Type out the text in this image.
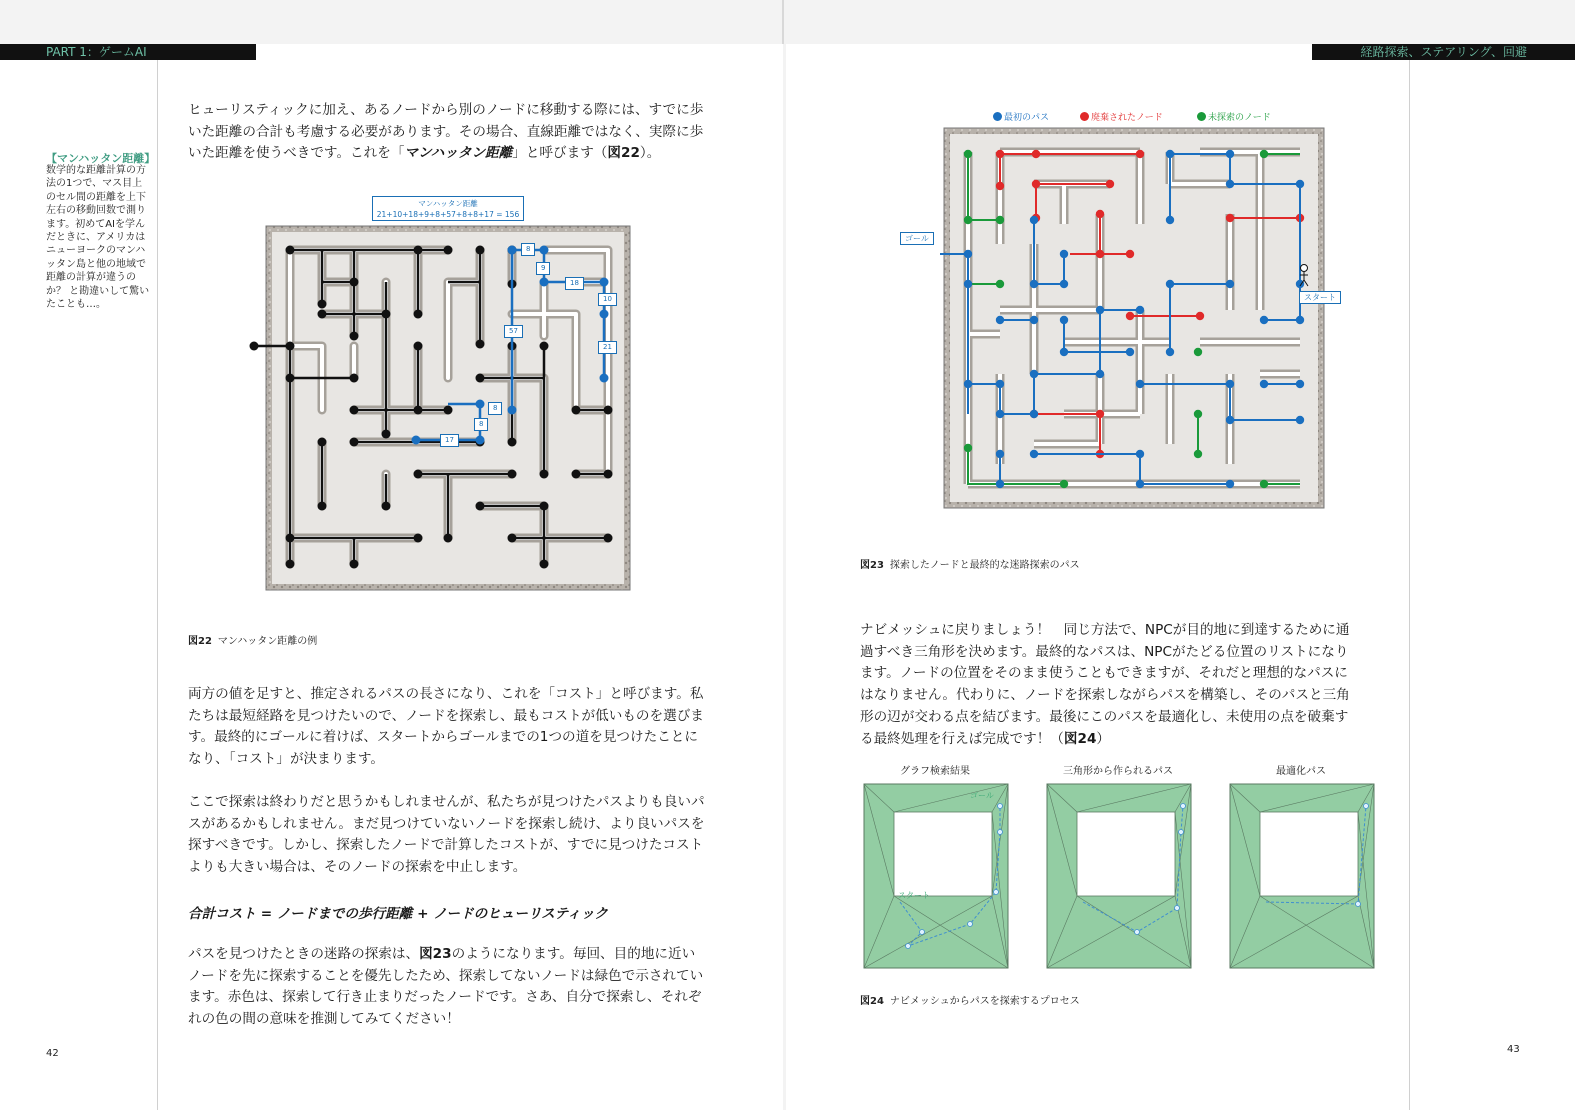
PART 1：ゲームAI	経路探索、ステアリング、回避
【マンハッタン距離】
数学的な距離計算の方法の1つで、マス目上のセル間の距離を上下左右の移動回数で測ります。初めてAIを学んだときに、アメリカはニューヨークのマンハッタン島と他の地域で距離の計算が違うのか？ と勘違いして驚いたことも…。
ヒューリスティックに加え、あるノードから別のノードに移動する際には、すでに歩いた距離の合計も考慮する必要があります。その場合、直線距離ではなく、実際に歩いた距離を使うべきです。これを「マンハッタン距離」と呼びます（図22）。
マンハッタン距離
21+10+18+9+8+57+8+8+17 = 156
8
9
18
10
21
57
8
8
17
図22 マンハッタン距離の例
両方の値を足すと、推定されるパスの長さになり、これを「コスト」と呼びます。私たちは最短経路を見つけたいので、ノードを探索し、最もコストが低いものを選びます。最終的にゴールに着けば、スタートからゴールまでの1つの道を見つけたことになり、「コスト」が決まります。
ここで探索は終わりだと思うかもしれませんが、私たちが見つけたパスよりも良いパスがあるかもしれません。まだ見つけていないノードを探索し続け、より良いパスを探すべきです。しかし、探索したノードで計算したコストが、すでに見つけたコストよりも大きい場合は、そのノードの探索を中止します。
合計コスト = ノードまでの歩行距離 + ノードのヒューリスティック
パスを見つけたときの迷路の探索は、図23のようになります。毎回、目的地に近いノードを先に探索することを優先したため、探索してないノードは緑色で示されています。赤色は、探索して行き止まりだったノードです。さあ、自分で探索し、それぞれの色の間の意味を推測してみてください！
42
最初のパス	廃棄されたノード	未探索のノード
ゴール
スタート
図23 探索したノードと最終的な迷路探索のパス
ナビメッシュに戻りましょう！　同じ方法で、NPCが目的地に到達するために通過すべき三角形を決めます。最終的なパスは、NPCがたどる位置のリストになります。ノードの位置をそのまま使うこともできますが、それだと理想的なパスにはなりません。代わりに、ノードを探索しながらパスを構築し、そのパスと三角形の辺が交わる点を結びます。最後にこのパスを最適化し、未使用の点を破棄する最終処理を行えば完成です！（図24）
グラフ検索結果	三角形から作られるパス	最適化パス
ゴール
スタート
図24 ナビメッシュからパスを探索するプロセス
43
